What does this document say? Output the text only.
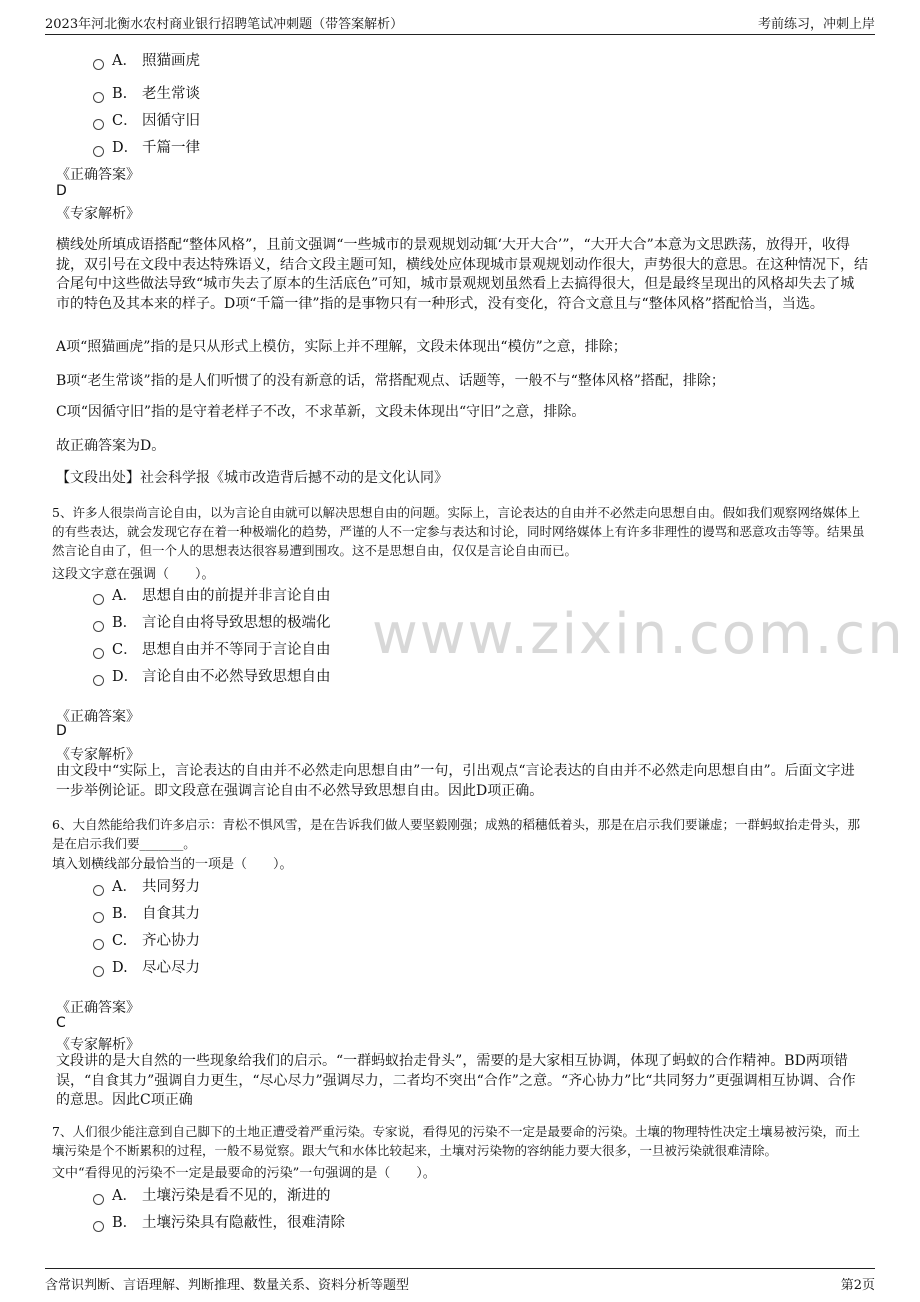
2023年河北衡水农村商业银行招聘笔试冲刺题（带答案解析）	考前练习，冲刺上岸
www.zixin.com.cn
A． 照猫画虎
B. 老生常谈
C． 因循守旧
D． 千篇一律
《正确答案》
D
《专家解析》
横线处所填成语搭配“整体风格”，且前文强调“一些城市的景观规划动辄‘大开大合’”，“大开大合”本意为文思跌荡，放得开，收得拢，双引号在文段中表达特殊语义，结合文段主题可知，横线处应体现城市景观规划动作很大，声势很大的意思。在这种情况下，结合尾句中这些做法导致“城市失去了原本的生活底色”可知，城市景观规划虽然看上去搞得很大，但是最终呈现出的风格却失去了城市的特色及其本来的样子。D项“千篇一律”指的是事物只有一种形式，没有变化，符合文意且与“整体风格”搭配恰当，当选。
A项“照猫画虎”指的是只从形式上模仿，实际上并不理解，文段未体现出“模仿”之意，排除；
B项“老生常谈”指的是人们听惯了的没有新意的话，常搭配观点、话题等，一般不与“整体风格”搭配，排除；
C项“因循守旧”指的是守着老样子不改，不求革新，文段未体现出“守旧”之意，排除。
故正确答案为D。
【文段出处】社会科学报《城市改造背后撼不动的是文化认同》
5、许多人很崇尚言论自由，以为言论自由就可以解决思想自由的问题。实际上，言论表达的自由并不必然走向思想自由。假如我们观察网络媒体上的有些表达，就会发现它存在着一种极端化的趋势，严谨的人不一定参与表达和讨论，同时网络媒体上有许多非理性的谩骂和恶意攻击等等。结果虽然言论自由了，但一个人的思想表达很容易遭到围攻。这不是思想自由，仅仅是言论自由而已。
这段文字意在强调（　　）。
A． 思想自由的前提并非言论自由
B． 言论自由将导致思想的极端化
C． 思想自由并不等同于言论自由
D． 言论自由不必然导致思想自由
《正确答案》
D
《专家解析》
由文段中“实际上，言论表达的自由并不必然走向思想自由”一句，引出观点“言论表达的自由并不必然走向思想自由”。后面文字进一步举例论证。即文段意在强调言论自由不必然导致思想自由。因此D项正确。
6、大自然能给我们许多启示：青松不惧风雪，是在告诉我们做人要坚毅刚强；成熟的稻穗低着头，那是在启示我们要谦虚；一群蚂蚁抬走骨头，那是在启示我们要_______。
填入划横线部分最恰当的一项是（　　）。
A． 共同努力
B. 自食其力
C. 齐心协力
D. 尽心尽力
《正确答案》
C
《专家解析》
文段讲的是大自然的一些现象给我们的启示。“一群蚂蚁抬走骨头”，需要的是大家相互协调，体现了蚂蚁的合作精神。BD两项错误，“自食其力”强调自力更生，“尽心尽力”强调尽力，二者均不突出“合作”之意。“齐心协力”比“共同努力”更强调相互协调、合作的意思。因此C项正确
7、人们很少能注意到自己脚下的土地正遭受着严重污染。专家说，看得见的污染不一定是最要命的污染。土壤的物理特性决定土壤易被污染，而土壤污染是个不断累积的过程，一般不易觉察。跟大气和水体比较起来，土壤对污染物的容纳能力要大很多，一旦被污染就很难清除。
文中“看得见的污染不一定是最要命的污染”一句强调的是（　　）。
A． 土壤污染是看不见的，渐进的
B． 土壤污染具有隐蔽性，很难清除
含常识判断、言语理解、判断推理、数量关系、资料分析等题型	第2页
